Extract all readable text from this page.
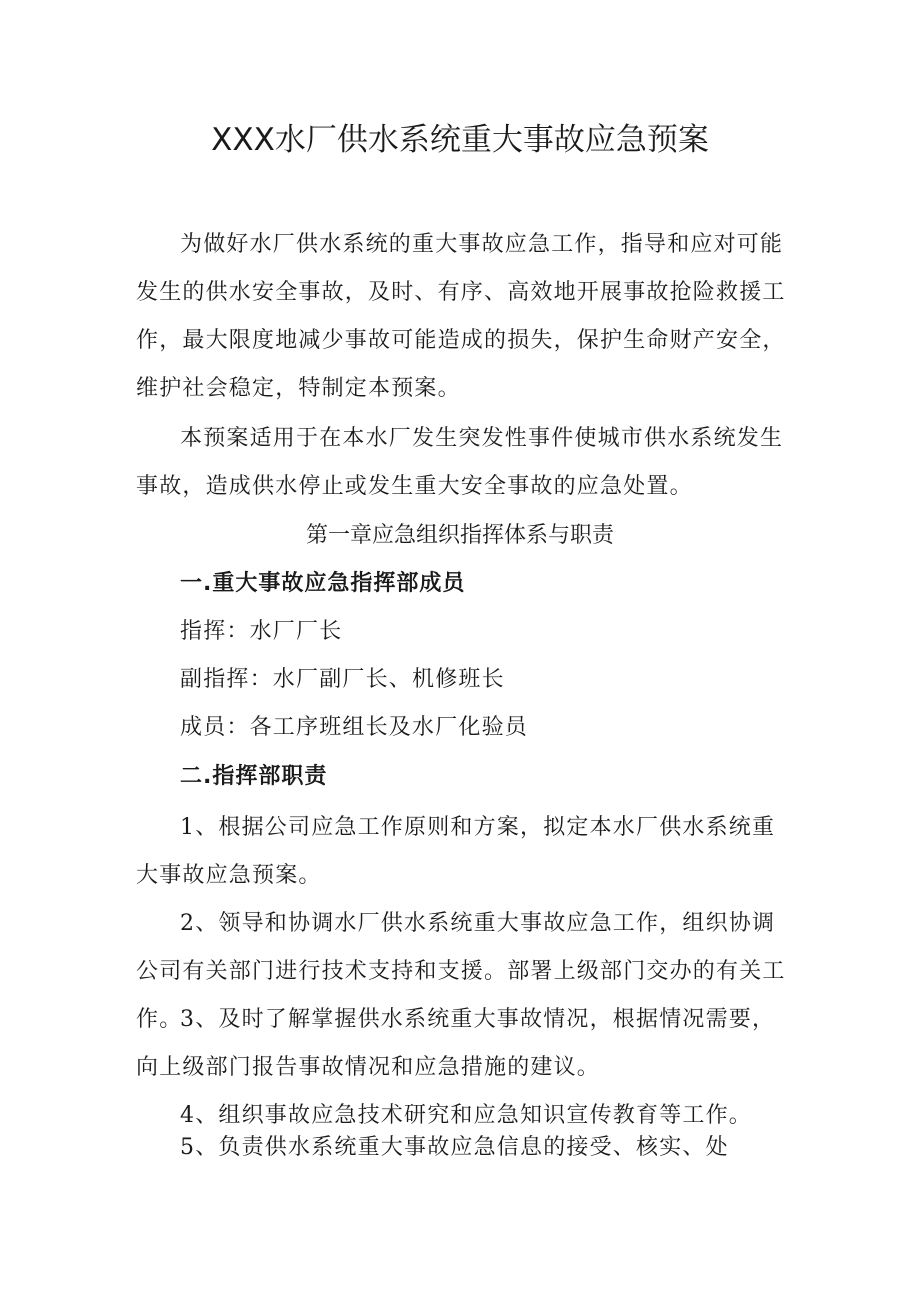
XXX水厂供水系统重大事故应急预案

为做好水厂供水系统的重大事故应急工作，指导和应对可能发生的供水安全事故，及时、有序、高效地开展事故抢险救援工作，最大限度地减少事故可能造成的损失，保护生命财产安全，维护社会稳定，特制定本预案。

本预案适用于在本水厂发生突发性事件使城市供水系统发生事故，造成供水停止或发生重大安全事故的应急处置。

第一章应急组织指挥体系与职责
一.重大事故应急指挥部成员

指挥：水厂厂长

副指挥：水厂副厂长、机修班长

成员：各工序班组长及水厂化验员

二.指挥部职责

1、根据公司应急工作原则和方案，拟定本水厂供水系统重大事故应急预案。

2、领导和协调水厂供水系统重大事故应急工作，组织协调公司有关部门进行技术支持和支援。部署上级部门交办的有关工作。

3、及时了解掌握供水系统重大事故情况，根据情况需要，向上级部门报告事故情况和应急措施的建议。

4、组织事故应急技术研究和应急知识宣传教育等工作。

5、负责供水系统重大事故应急信息的接受、核实、处
